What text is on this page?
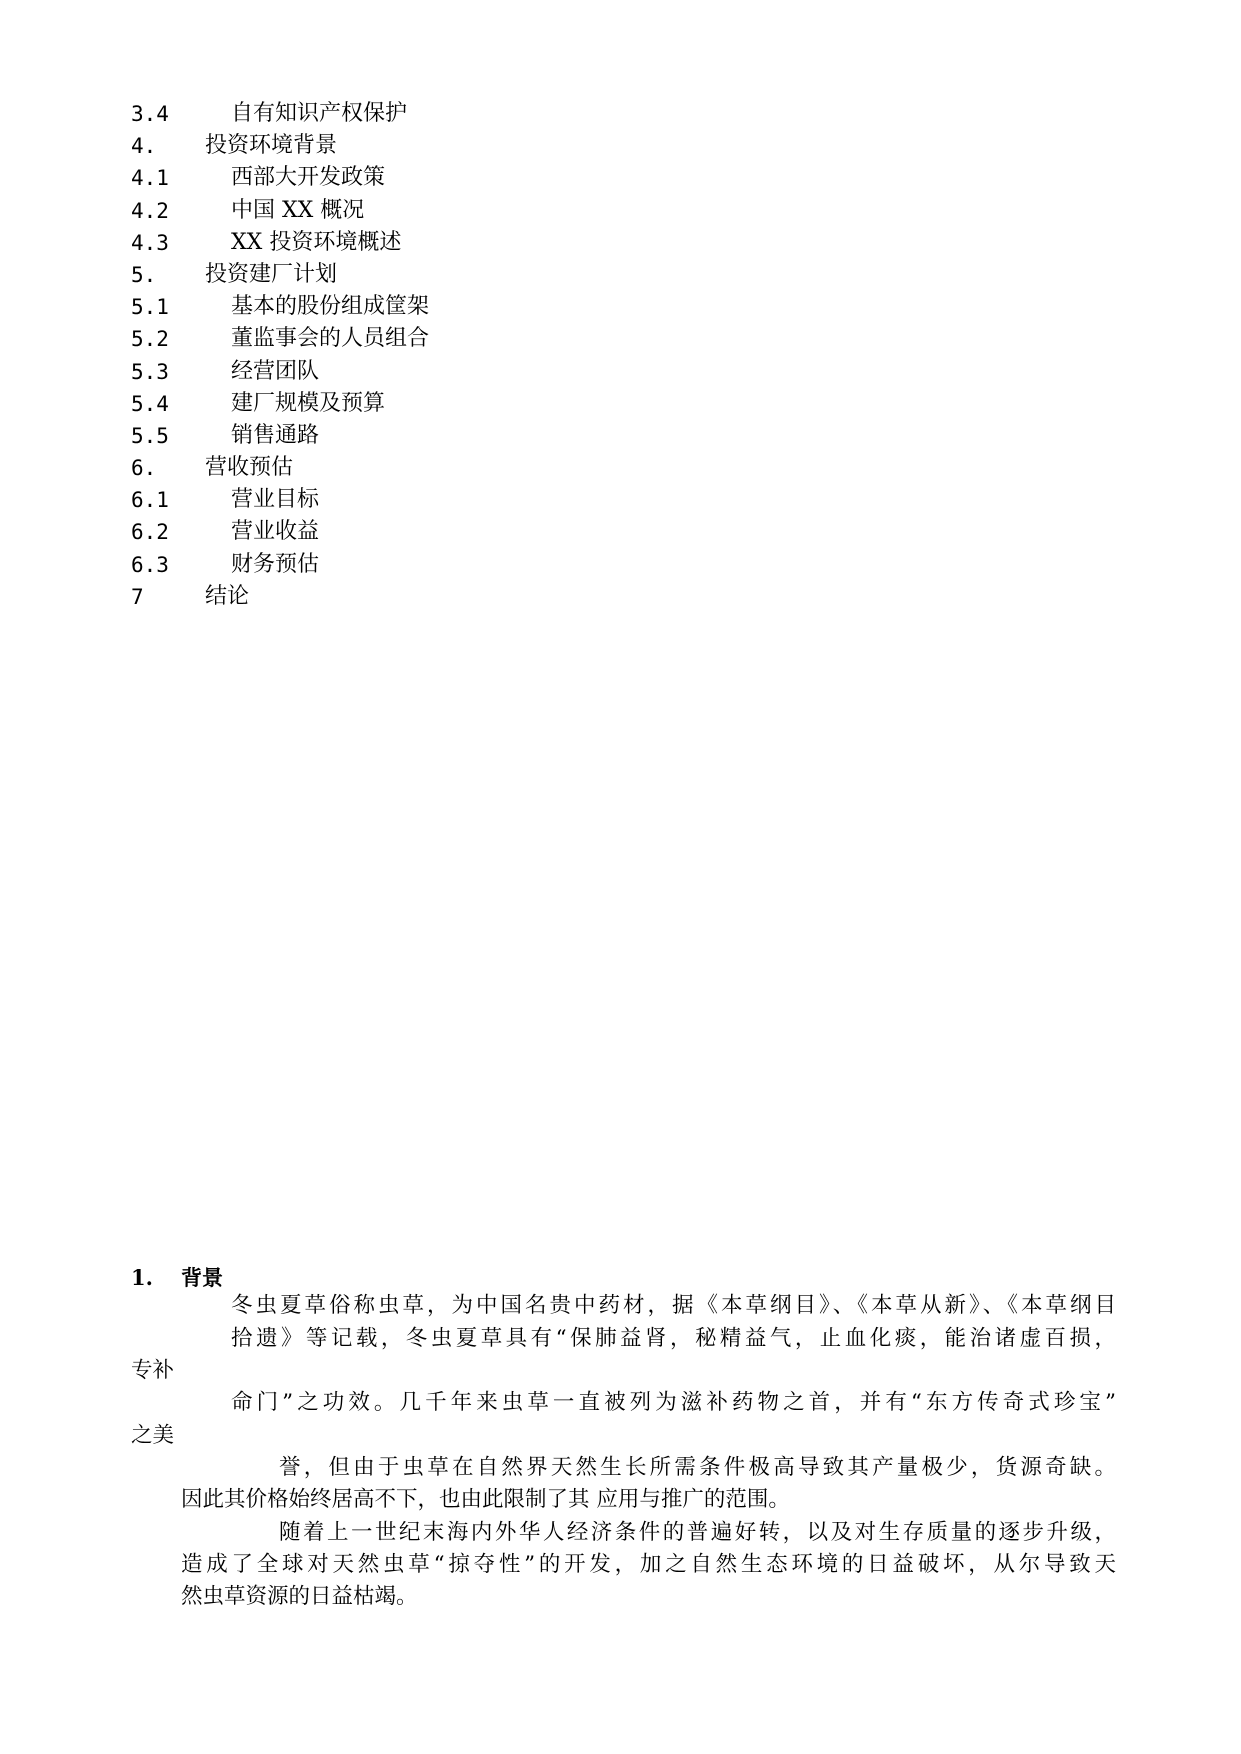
3.4	自有知识产权保护
4. 投资环境背景
4.1	西部大开发政策
4.2	中国 XX 概况
4.3	XX 投资环境概述
5. 投资建厂计划
5.1	基本的股份组成筐架
5.2	董监事会的人员组合
5.3	经营团队
5.4	建厂规模及预算
5.5	销售通路
6. 营收预估
6.1	营业目标
6.2	营业收益
6.3	财务预估
7	结论
1. 背景
冬虫夏草俗称虫草，为中国名贵中药材，据《本草纲目》、《本草从新》、《本草纲目
拾遗》等记载，冬虫夏草具有“保肺益肾，秘精益气，止血化痰，能治诸虚百损，
专补
命门”之功效。几千年来虫草一直被列为滋补药物之首，并有“东方传奇式珍宝”
之美
誉，但由于虫草在自然界天然生长所需条件极高导致其产量极少，货源奇缺。
因此其价格始终居高不下，也由此限制了其 应用与推广的范围。
随着上一世纪末海内外华人经济条件的普遍好转，以及对生存质量的逐步升级，
造成了全球对天然虫草“掠夺性”的开发，加之自然生态环境的日益破坏，从尔导致天
然虫草资源的日益枯竭。
